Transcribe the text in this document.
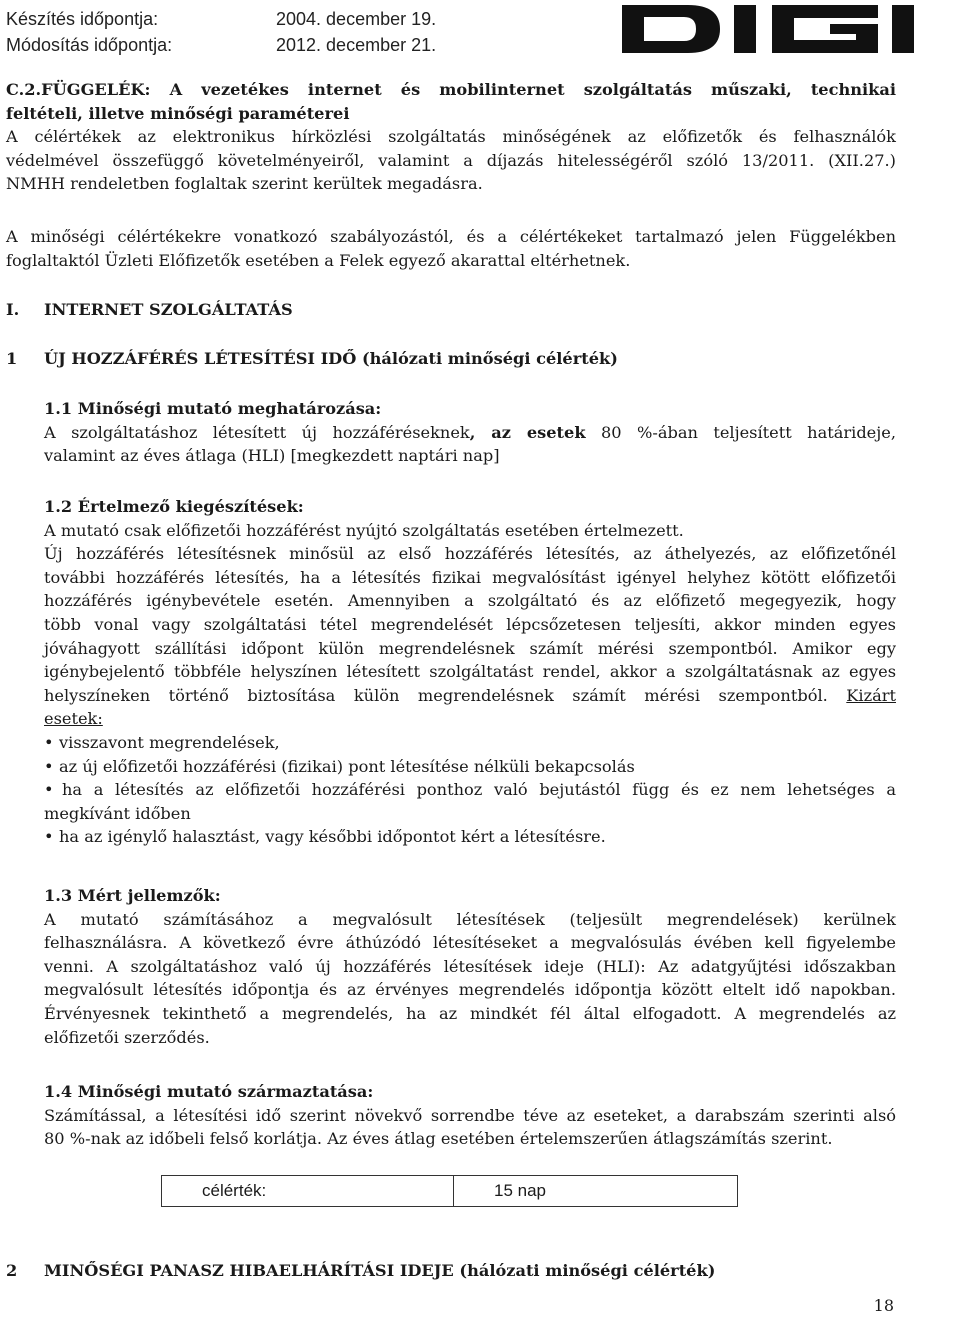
Készítés időpontja:	2004. december 19.
Módosítás időpontja:	2012. december 21.	DIGI
C.2.FÜGGELÉK: A vezetékes internet és mobilinternet szolgáltatás műszaki, technikai
feltételi, illetve minőségi paraméterei
A célértékek az elektronikus hírközlési szolgáltatás minőségének az előfizetők és felhasználók
védelmével összefüggő követelményeiről, valamint a díjazás hitelességéről szóló 13/2011. (XII.27.)
NMHH rendeletben foglaltak szerint kerültek megadásra.
A minőségi célértékekre vonatkozó szabályozástól, és a célértékeket tartalmazó jelen Függelékben
foglaltaktól Üzleti Előfizetők esetében a Felek egyező akarattal eltérhetnek.
I. INTERNET SZOLGÁLTATÁS
1 ÚJ HOZZÁFÉRÉS LÉTESÍTÉSI IDŐ (hálózati minőségi célérték)
1.1 Minőségi mutató meghatározása:
A szolgáltatáshoz létesített új hozzáféréseknek, az esetek 80 %-ában teljesített határideje,
valamint az éves átlaga (HLI) [megkezdett naptári nap]
1.2 Értelmező kiegészítések:
A mutató csak előfizetői hozzáférést nyújtó szolgáltatás esetében értelmezett.
Új hozzáférés létesítésnek minősül az első hozzáférés létesítés, az áthelyezés, az előfizetőnél
további hozzáférés létesítés, ha a létesítés fizikai megvalósítást igényel helyhez kötött előfizetői
hozzáférés igénybevétele esetén. Amennyiben a szolgáltató és az előfizető megegyezik, hogy
több vonal vagy szolgáltatási tétel megrendelését lépcsőzetesen teljesíti, akkor minden egyes
jóváhagyott szállítási időpont külön megrendelésnek számít mérési szempontból. Amikor egy
igénybejelentő többféle helyszínen létesített szolgáltatást rendel, akkor a szolgáltatásnak az egyes
helyszíneken történő biztosítása külön megrendelésnek számít mérési szempontból. Kizárt
esetek:
• visszavont megrendelések,
• az új előfizetői hozzáférési (fizikai) pont létesítése nélküli bekapcsolás
• ha a létesítés az előfizetői hozzáférési ponthoz való bejutástól függ és ez nem lehetséges a
megkívánt időben
• ha az igénylő halasztást, vagy későbbi időpontot kért a létesítésre.
1.3 Mért jellemzők:
A mutató számításához a megvalósult létesítések (teljesült megrendelések) kerülnek
felhasználásra. A következő évre áthúzódó létesítéseket a megvalósulás évében kell figyelembe
venni. A szolgáltatáshoz való új hozzáférés létesítések ideje (HLI): Az adatgyűjtési időszakban
megvalósult létesítés időpontja és az érvényes megrendelés időpontja között eltelt idő napokban.
Érvényesnek tekinthető a megrendelés, ha az mindkét fél által elfogadott. A megrendelés az
előfizetői szerződés.
1.4 Minőségi mutató származtatása:
Számítással, a létesítési idő szerint növekvő sorrendbe téve az eseteket, a darabszám szerinti alsó
80 %-nak az időbeli felső korlátja. Az éves átlag esetében értelemszerűen átlagszámítás szerint.
célérték:	15 nap
2 MINŐSÉGI PANASZ HIBAELHÁRÍTÁSI IDEJE (hálózati minőségi célérték)
18
